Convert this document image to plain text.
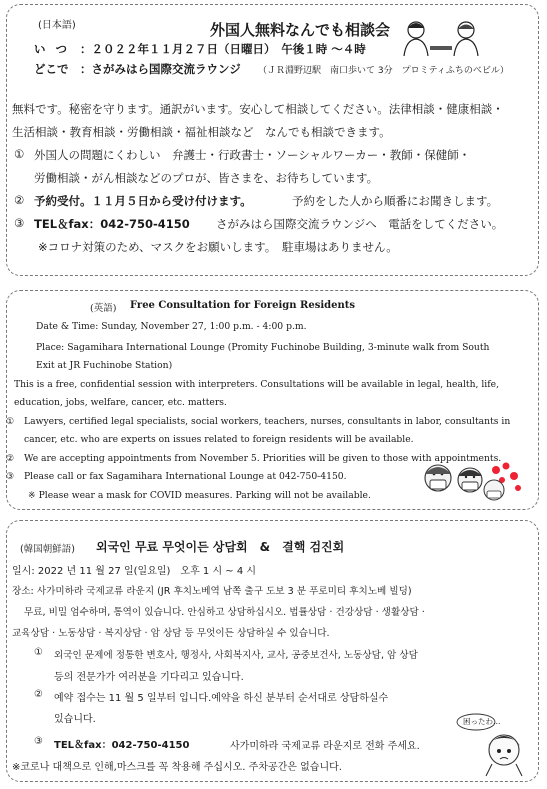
(日本語)	外国人無料なんでも相談会
い つ ：２０２２年１１月２７日（日曜日）　午後１時 ～４時
どこで ：さがみはら国際交流ラウンジ （ＪＲ淵野辺駅　南口歩いて 3分　プロミティふちのべビル）
無料です。秘密を守ります。通訳がいます。安心して相談してください。法律相談・健康相談・
生活相談・教育相談・労働相談・福祉相談など　なんでも相談できます。
① 外国人の問題にくわしい　弁護士・行政書士・ソーシャルワーカー・教師・保健師・
労働相談・がん相談などのプロが、皆さまを、お待ちしています。
② 予約受付。１１月５日から受け付けます。	予約をした人から順番にお聞きします。
③ TEL＆fax：042-750-4150 さがみはら国際交流ラウンジへ　電話をしてください。
※コロナ対策のため、マスクをお願いします。　駐車場はありません。
(英語) Free Consultation for Foreign Residents
Date & Time: Sunday, November 27, 1:00 p.m. - 4:00 p.m.
Place: Sagamihara International Lounge (Promity Fuchinobe Building, 3-minute walk from South
Exit at JR Fuchinobe Station)
This is a free, confidential session with interpreters. Consultations will be available in legal, health, life,
education, jobs, welfare, cancer, etc. matters.
① Lawyers, certified legal specialists, social workers, teachers, nurses, consultants in labor, consultants in
cancer, etc. who are experts on issues related to foreign residents will be available.
② We are accepting appointments from November 5. Priorities will be given to those with appointments.
③ Please call or fax Sagamihara International Lounge at 042-750-4150.
※ Please wear a mask for COVID measures. Parking will not be available.
(韓国朝鮮語) 외국인 무료 무엇이든 상담회　&　결핵 검진회
일시: 2022 년 11 월 27 일(일요일)　오후 1 시 ~ 4 시
장소: 사가미하라 국제교류 라운지 (JR 후치노베역 남쪽 출구 도보 3 분 푸로미티 후치노베 빌딩)
무료, 비밀 엄수하며, 통역이 있습니다. 안심하고 상담하십시오. 법률상담 · 건강상담 · 생활상담 ·
교육상담 · 노동상담 · 복지상담 · 암 상담 등 무엇이든 상담하실 수 있습니다.
① 외국인 문제에 정통한 변호사, 행정사, 사회복지사, 교사, 공중보건사, 노동상담, 암 상담
등의 전문가가 여러분을 기다리고 있습니다.
② 예약 접수는 11 월 5 일부터 입니다.예약을 하신 분부터 순서대로 상담하실수
있습니다.
③ TEL＆fax：042-750-4150	사가미하라 국제교류 라운지로 전화 주세요.
※코로나 대책으로 인해,마스크를 꼭 착용해 주십시오. 주차공간은 없습니다.
困ったわ…
